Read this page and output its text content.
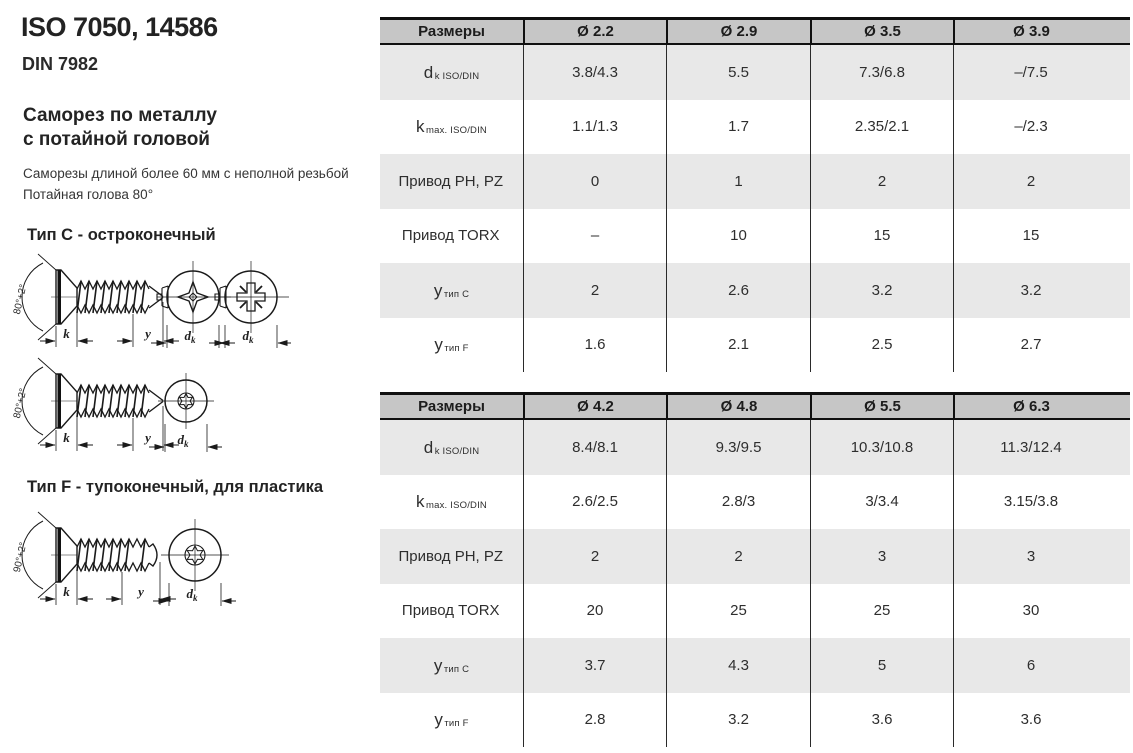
ISO 7050, 14586
DIN 7982
Саморез по металлу
с потайной головой
Саморезы длиной более 60 мм с неполной резьбой
Потайная голова 80°
Тип С - остроконечный
Тип F - тупоконечный, для пластика
80°+2°
k	y	$d_k$	$d_k$
80°+2°
k	y $d_k$
90°+2°
k	y	$d_k$
Размеры	Ø 2.2	Ø 2.9	Ø 3.5	Ø 3.9
d k ISO/DIN	3.8/4.3	5.5	7.3/6.8	–/7.5
k max. ISO/DIN	1.1/1.3	1.7	2.35/2.1	–/2.3
Привод PH, PZ	0	1	2	2
Привод TORX	–	10	15	15
y тип C	2	2.6	3.2	3.2
y тип F	1.6	2.1	2.5	2.7
Размеры	Ø 4.2	Ø 4.8	Ø 5.5	Ø 6.3
d k ISO/DIN	8.4/8.1	9.3/9.5	10.3/10.8	11.3/12.4
k max. ISO/DIN	2.6/2.5	2.8/3	3/3.4	3.15/3.8
Привод PH, PZ	2	2	3	3
Привод TORX	20	25	25	30
y тип C	3.7	4.3	5	6
y тип F	2.8	3.2	3.6	3.6
